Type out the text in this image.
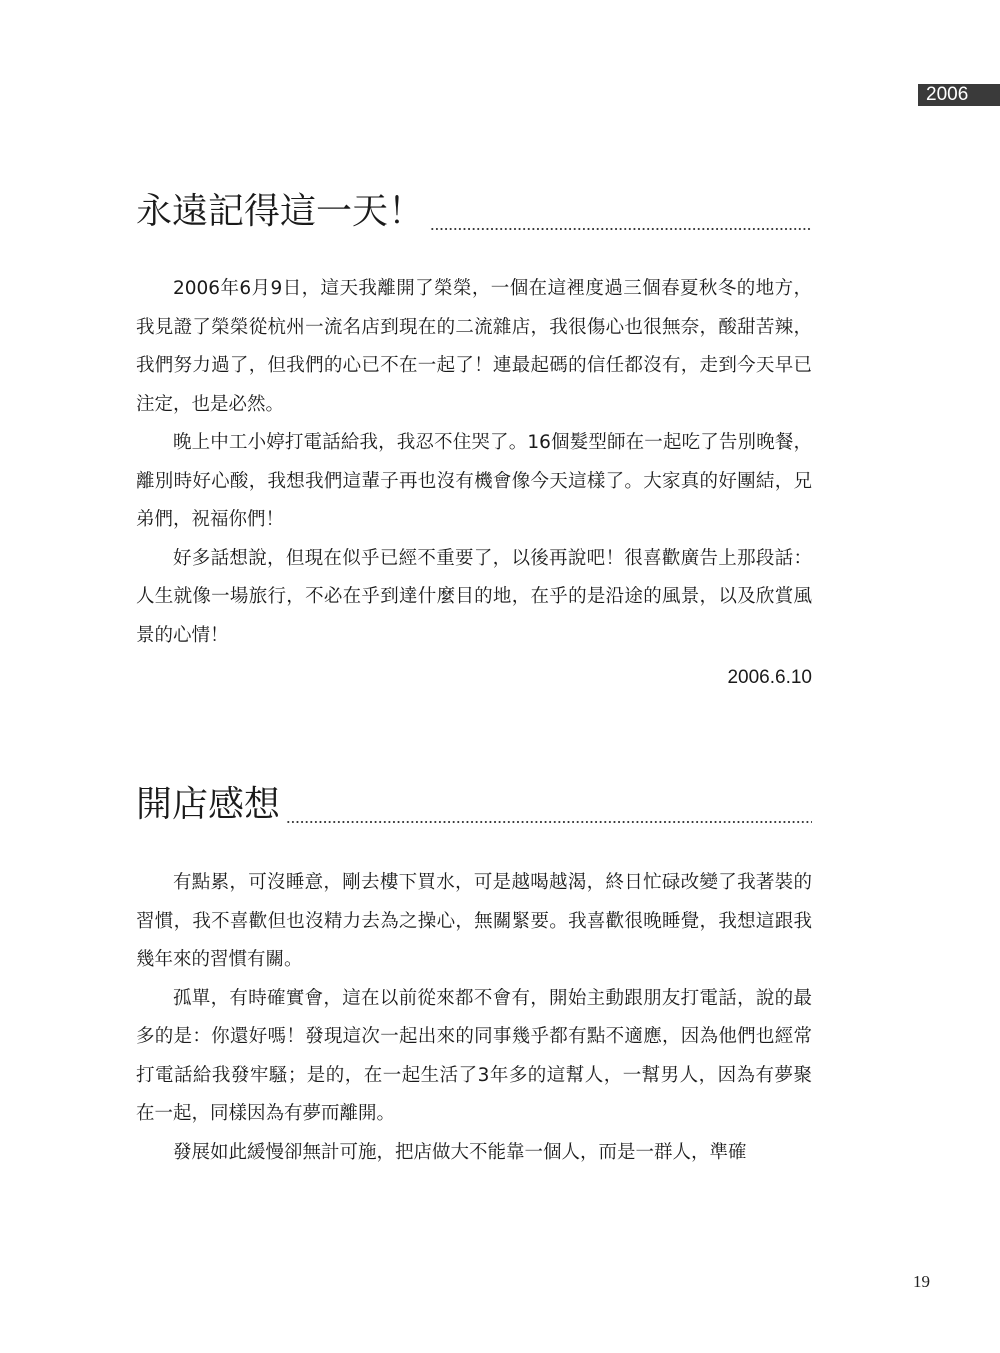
2006
永遠記得這一天！

2006年6月9日，這天我離開了榮榮，一個在這裡度過三個春夏秋冬的地方，我見證了榮榮從杭州一流名店到現在的二流雜店，我很傷心也很無奈，酸甜苦辣，我們努力過了，但我們的心已不在一起了！連最起碼的信任都沒有，走到今天早已注定，也是必然。

晚上中工小婷打電話給我，我忍不住哭了。16個髮型師在一起吃了告別晚餐，離別時好心酸，我想我們這輩子再也沒有機會像今天這樣了。大家真的好團結，兄弟們，祝福你們！

好多話想說，但現在似乎已經不重要了，以後再說吧！很喜歡廣告上那段話：人生就像一場旅行，不必在乎到達什麼目的地，在乎的是沿途的風景，以及欣賞風景的心情！

2006.6.10
開店感想

有點累，可沒睡意，剛去樓下買水，可是越喝越渴，終日忙碌改變了我著裝的習慣，我不喜歡但也沒精力去為之操心，無關緊要。我喜歡很晚睡覺，我想這跟我幾年來的習慣有關。

孤單，有時確實會，這在以前從來都不會有，開始主動跟朋友打電話，說的最多的是：你還好嗎！發現這次一起出來的同事幾乎都有點不適應，因為他們也經常打電話給我發牢騷；是的，在一起生活了3年多的這幫人，一幫男人，因為有夢聚在一起，同樣因為有夢而離開。

發展如此緩慢卻無計可施，把店做大不能靠一個人，而是一群人，準確

19
